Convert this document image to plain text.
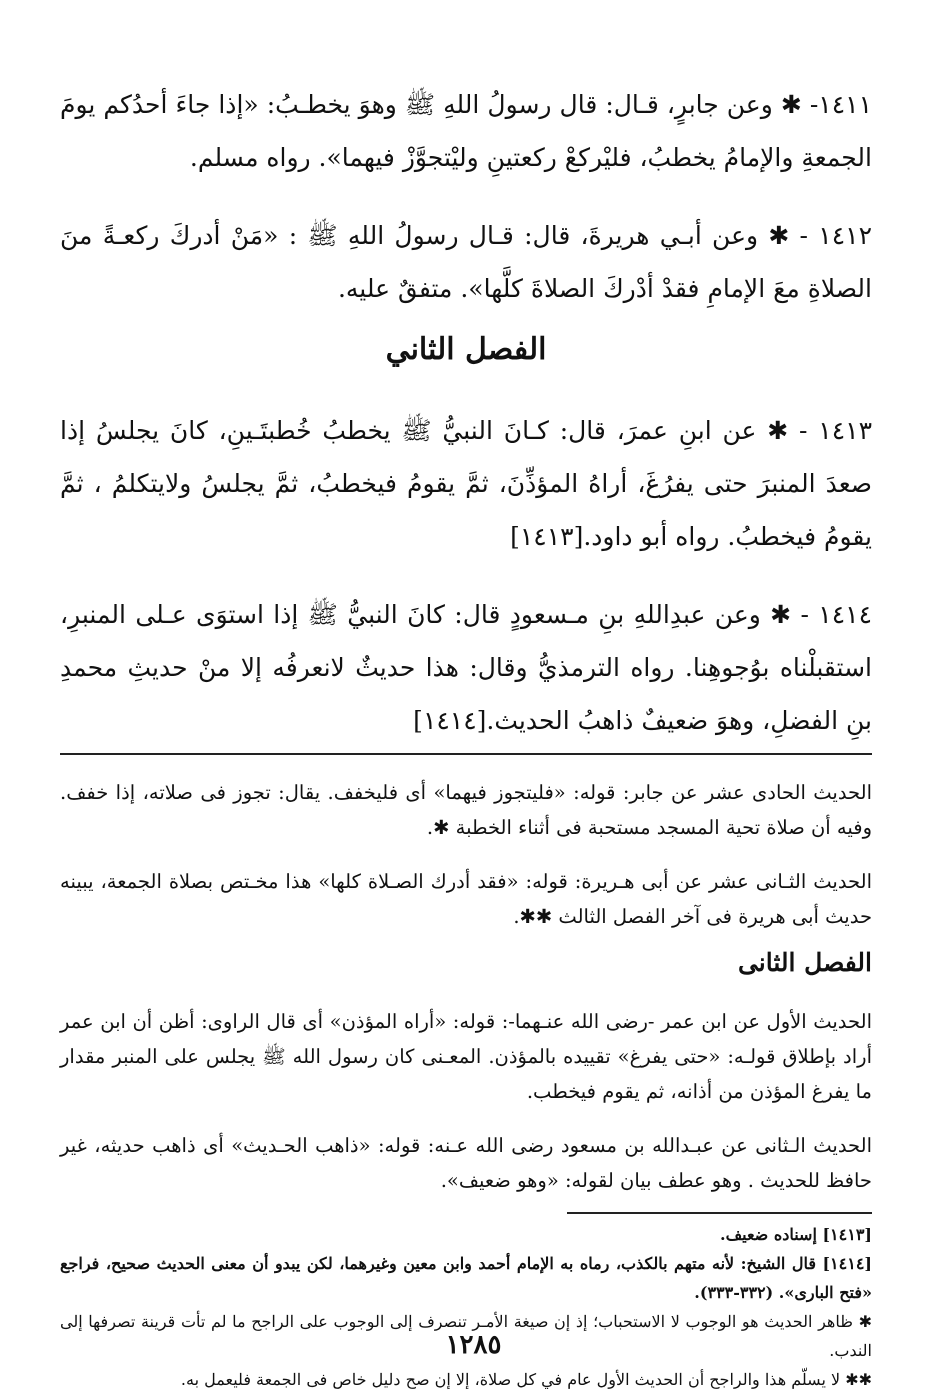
١٤١١- ✱ وعن جابرٍ، قـال: قال رسولُ اللهِ ﷺ وهوَ يخطـبُ: «إذا جاءَ أحدُكم يومَ الجمعةِ والإمامُ يخطبُ، فليْركعْ ركعتينِ وليْتجوَّزْ فيهما». رواه مسلم.

١٤١٢ - ✱ وعن أبـي هريرةَ، قال: قـال رسولُ اللهِ ﷺ : «مَنْ أدركَ ركعـةً منَ الصلاةِ معَ الإمامِ فقدْ أدْركَ الصلاةَ كلَّها». متفقٌ عليه.

الفصل الثاني

١٤١٣ - ✱ عن ابنِ عمرَ، قال: كـانَ النبيُّ ﷺ يخطبُ خُطبتَـينِ، كانَ يجلسُ إذا صعدَ المنبرَ حتى يفرُغَ، أراهُ المؤذِّنَ، ثمَّ يقومُ فيخطبُ، ثمَّ يجلسُ ولايتكلمُ ، ثمَّ يقومُ فيخطبُ. رواه أبو داود.[١٤١٣]

١٤١٤ - ✱ وعن عبدِاللهِ بنِ مـسعودٍ قال: كانَ النبيُّ ﷺ إذا استوَى عـلى المنبرِ، استقبلْناه بوُجوهِنا. رواه الترمذيُّ وقال: هذا حديثٌ لانعرفُه إلا منْ حديثِ محمدِ بنِ الفضلِ، وهوَ ضعيفٌ ذاهبُ الحديث.[١٤١٤]

الحديث الحادى عشر عن جابر: قوله: «فليتجوز فيهما» أى فليخفف. يقال: تجوز فى صلاته، إذا خفف. وفيه أن صلاة تحية المسجد مستحبة فى أثناء الخطبة ✱.

الحديث الثـانى عشر عن أبى هـريرة: قوله: «فقد أدرك الصـلاة كلها» هذا مخـتص بصلاة الجمعة، يبينه حديث أبى هريرة فى آخر الفصل الثالث ✱✱.

الفصل الثانى

الحديث الأول عن ابن عمر -رضى الله عنـهما-: قوله: «أراه المؤذن» أى قال الراوى: أظن أن ابن عمر أراد بإطلاق قولـه: «حتى يفرغ» تقييده بالمؤذن. المعـنى كان رسول الله ﷺ يجلس على المنبر مقدار ما يفرغ المؤذن من أذانه، ثم يقوم فيخطب.

الحديث الـثانى عن عبـدالله بن مسعود رضى الله عـنه: قوله: «ذاهب الحـديث» أى ذاهب حديثه، غير حافظ للحديث . وهو عطف بيان لقوله: «وهو ضعيف».

[١٤١٣] إسناده ضعيف.
[١٤١٤] قال الشيخ: لأنه متهم بالكذب، رماه به الإمام أحمد وابن معين وغيرهما، لكن يبدو أن معنى الحديث صحيح، فراجع «فتح البارى». (٣٣٢-٣٣٣).
✱ ظاهر الحديث هو الوجوب لا الاستحباب؛ إذ إن صيغة الأمـر تنصرف إلى الوجوب على الراجح ما لم تأت قرينة تصرفها إلى الندب.
✱✱ لا يسلّم هذا والراجح أن الحديث الأول عام في كل صلاة، إلا إن صح دليل خاص فى الجمعة فليعمل به.
١٢٨٥
